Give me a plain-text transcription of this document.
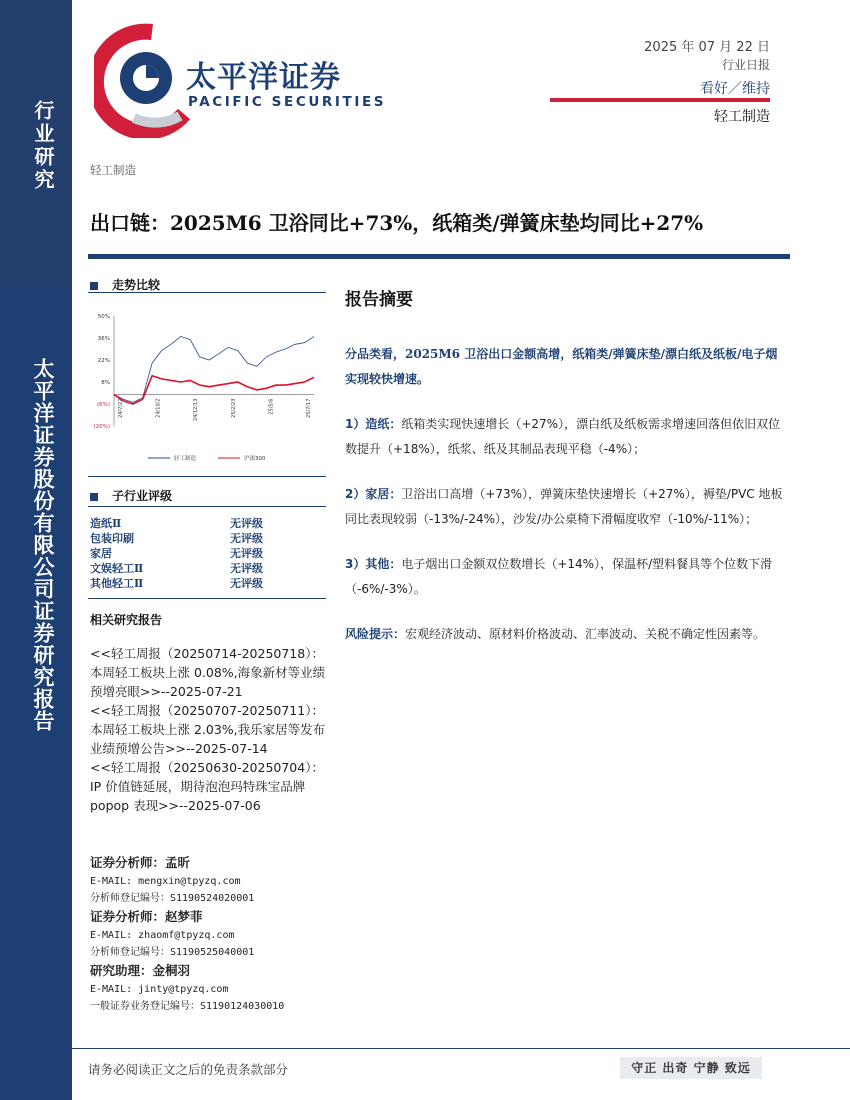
行业研究
太平洋证券股份有限公司证券研究报告
太平洋证券
PACIFIC SECURITIES
2025 年 07 月 22 日
行业日报
看好／维持
轻工制造
轻工制造
出口链：2025M6 卫浴同比+73%，纸箱类/弹簧床垫均同比+27%
走势比较
50%
36%
22%
8%
(6%)
(20%)
24/7/22	24/10/2	24/12/13	25/2/23	25/5/6	25/7/17
轻工制造	沪深300
子行业评级
造纸Ⅱ	无评级
包装印刷	无评级
家居	无评级
文娱轻工Ⅱ	无评级
其他轻工Ⅱ	无评级
相关研究报告
<<轻工周报（20250714-20250718）：本周轻工板块上涨 0.08%,海象新材等业绩预增亮眼>>--2025-07-21
<<轻工周报（20250707-20250711）：本周轻工板块上涨 2.03%,我乐家居等发布业绩预增公告>>--2025-07-14
<<轻工周报（20250630-20250704）：IP 价值链延展，期待泡泡玛特珠宝品牌 popop 表现>>--2025-07-06
证券分析师：孟昕
E-MAIL: mengxin@tpyzq.com
分析师登记编号：S1190524020001
证券分析师：赵梦菲
E-MAIL: zhaomf@tpyzq.com
分析师登记编号：S1190525040001
研究助理：金桐羽
E-MAIL: jinty@tpyzq.com
一般证券业务登记编号：S1190124030010
报告摘要

分品类看，2025M6 卫浴出口金额高增，纸箱类/弹簧床垫/漂白纸及纸板/电子烟实现较快增速。

1）造纸：纸箱类实现快速增长（+27%），漂白纸及纸板需求增速回落但依旧双位数提升（+18%），纸浆、纸及其制品表现平稳（-4%）；

2）家居：卫浴出口高增（+73%），弹簧床垫快速增长（+27%），褥垫/PVC 地板同比表现较弱（-13%/-24%），沙发/办公桌椅下滑幅度收窄（-10%/-11%）；

3）其他：电子烟出口金额双位数增长（+14%），保温杯/塑料餐具等个位数下滑（-6%/-3%）。

风险提示：宏观经济波动、原材料价格波动、汇率波动、关税不确定性因素等。

请务必阅读正文之后的免责条款部分	守正 出奇 宁静 致远
